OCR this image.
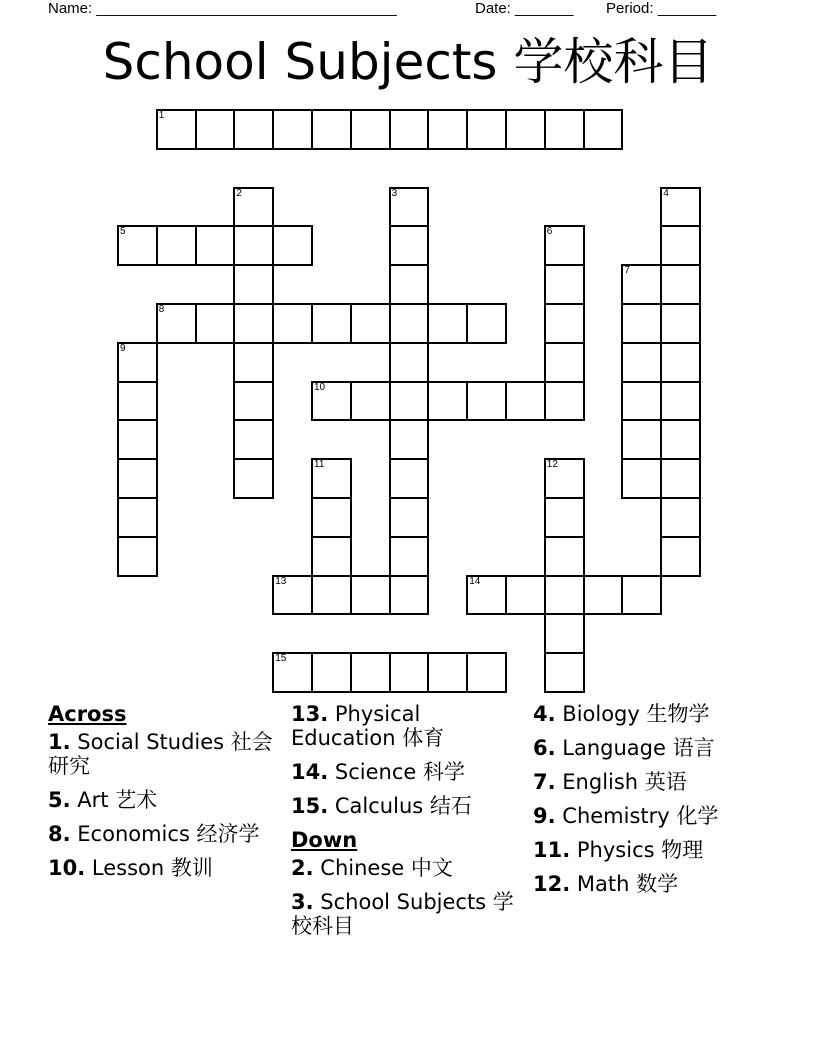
Name: ____________________________________	Date: _______ Period: _______
School Subjects 学校科目
1
2	3	4
5	6
7
8
9
10
11	12
13	14
15
Across
1. Social Studies 社会研究
5. Art 艺术
8. Economics 经济学
10. Lesson 教训
13. Physical Education 体育
14. Science 科学
15. Calculus 结石
Down
2. Chinese 中文
3. School Subjects 学校科目
4. Biology 生物学
6. Language 语言
7. English 英语
9. Chemistry 化学
11. Physics 物理
12. Math 数学
